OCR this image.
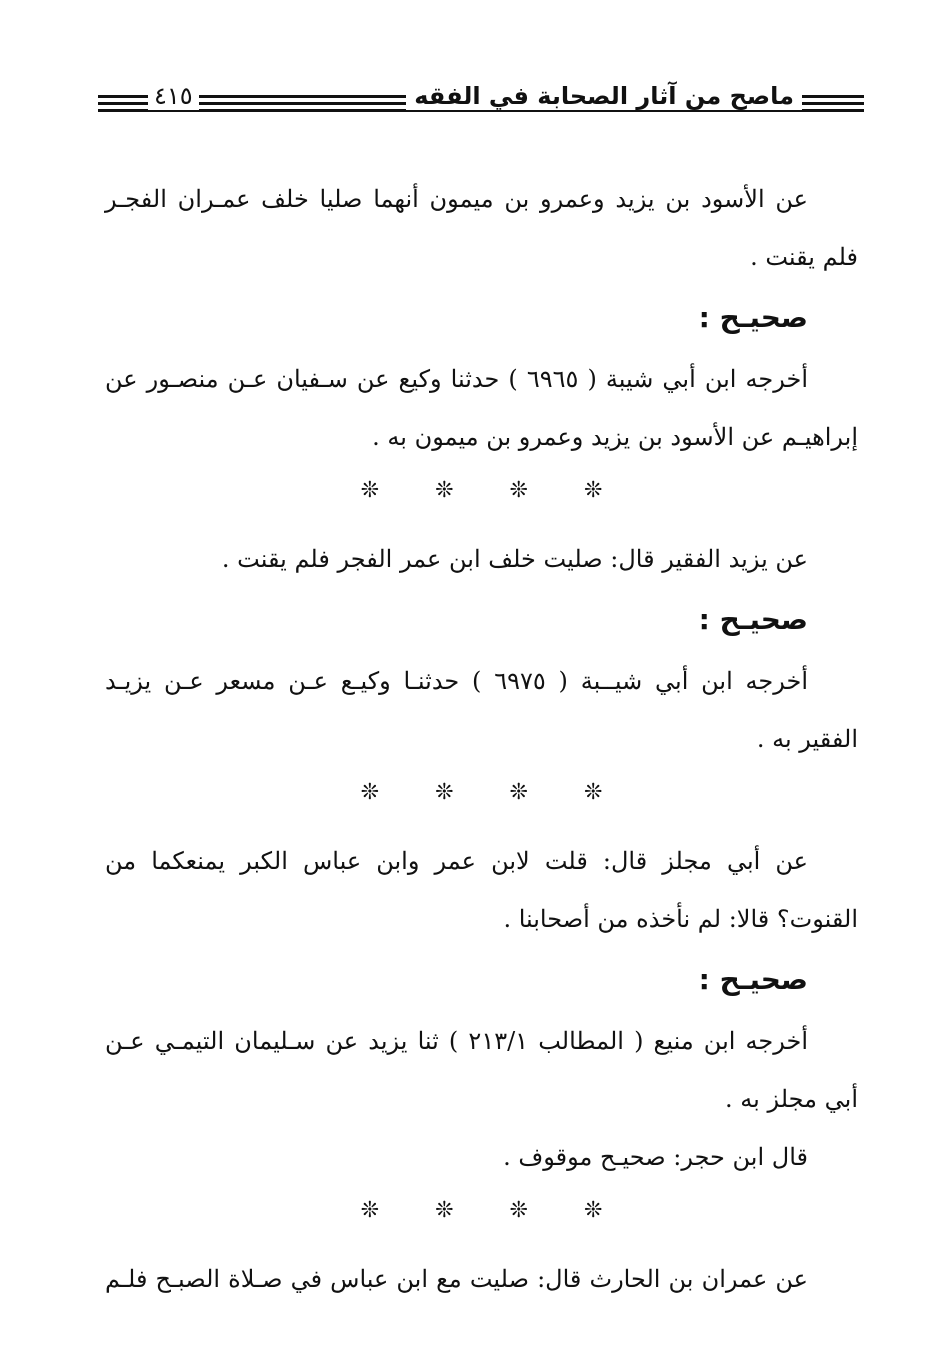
ماصح من آثار الصحابة في الفقه
٤١٥

عن الأسود بن يزيد وعمرو بن ميمون أنهما صليا خلف عمـران الفجـر فلم يقنت .

صحيـح :

أخرجه ابن أبي شيبة ( ٦٩٦٥ ) حدثنا وكيع عن سـفيان عـن منصـور عن إبراهيـم عن الأسود بن يزيد وعمرو بن ميمون به .

❊	❊	❊	❊

عن يزيد الفقير قال: صليت خلف ابن عمر الفجر فلم يقنت .

صحيـح :

أخرجه ابن أبي شيــبة ( ٦٩٧٥ ) حدثنـا وكيـع عـن مسعر عـن يزيـد الفقير به .

❊	❊	❊	❊

عن أبي مجلز قال: قلت لابن عمر وابن عباس الكبر يمنعكما من القنوت؟ قالا: لم نأخذه من أصحابنا .

صحيـح :

أخرجه ابن منيع ( المطالب ٢١٣/١ ) ثنا يزيد عن سـليمان التيمـي عـن أبي مجلز به .

قال ابن حجر: صحيـح موقوف .

❊	❊	❊	❊

عن عمران بن الحارث قال: صليت مع ابن عباس في صـلاة الصبـح فلـم
